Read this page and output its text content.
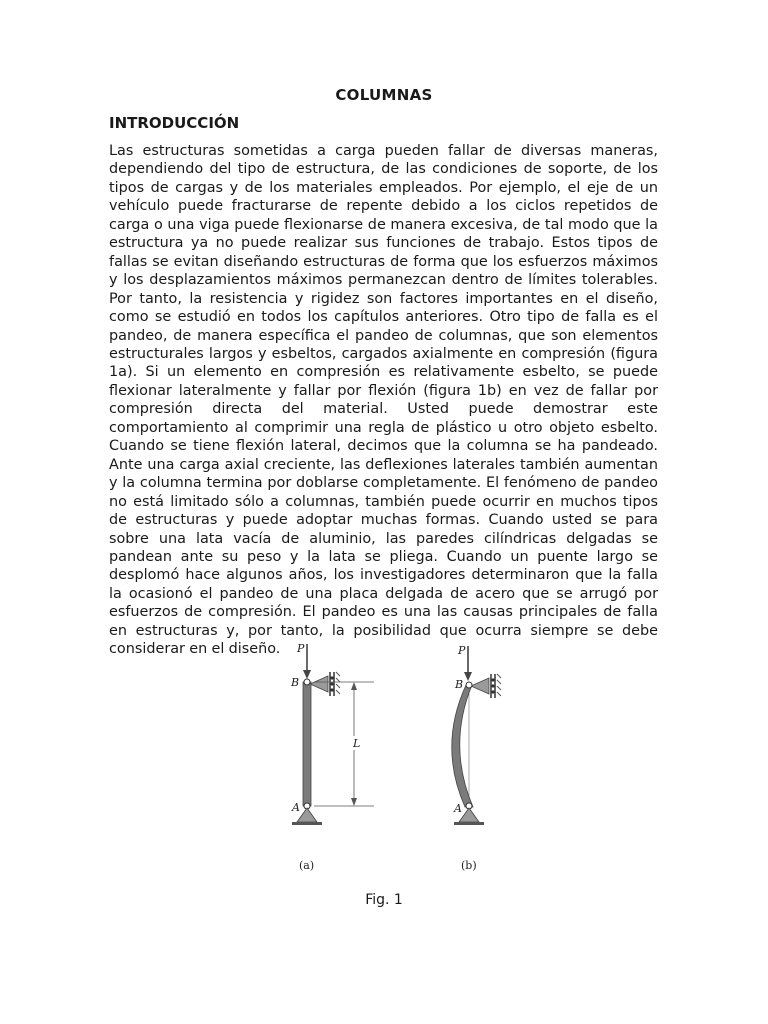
COLUMNAS
INTRODUCCIÓN
Las estructuras sometidas a carga pueden fallar de diversas maneras, dependiendo del tipo de estructura, de las condiciones de soporte, de los tipos de cargas y de los materiales empleados. Por ejemplo, el eje de un vehículo puede fracturarse de repente debido a los ciclos repetidos de carga o una viga puede flexionarse de manera excesiva, de tal modo que la estructura ya no puede realizar sus funciones de trabajo. Estos tipos de fallas se evitan diseñando estructuras de forma que los esfuerzos máximos y los desplazamientos máximos permanezcan dentro de límites tolerables. Por tanto, la resistencia y rigidez son factores importantes en el diseño, como se estudió en todos los capítulos anteriores. Otro tipo de falla es el pandeo, de manera específica el pandeo de columnas, que son elementos estructurales largos y esbeltos, cargados axialmente en compresión (figura 1a). Si un elemento en compresión es relativamente esbelto, se puede flexionar lateralmente y fallar por flexión (figura 1b) en vez de fallar por compresión directa del material. Usted puede demostrar este comportamiento al comprimir una regla de plástico u otro objeto esbelto. Cuando se tiene flexión lateral, decimos que la columna se ha pandeado. Ante una carga axial creciente, las deflexiones laterales también aumentan y la columna termina por doblarse completamente. El fenómeno de pandeo no está limitado sólo a columnas, también puede ocurrir en muchos tipos de estructuras y puede adoptar muchas formas. Cuando usted se para sobre una lata vacía de aluminio, las paredes cilíndricas delgadas se pandean ante su peso y la lata se pliega. Cuando un puente largo se desplomó hace algunos años, los investigadores determinaron que la falla la ocasionó el pandeo de una placa delgada de acero que se arrugó por esfuerzos de compresión. El pandeo es una las causas principales de falla en estructuras y, por tanto, la posibilidad que ocurra siempre se debe considerar en el diseño.	P
B
A
L
(a)
P
B
A
(b)
Fig. 1
